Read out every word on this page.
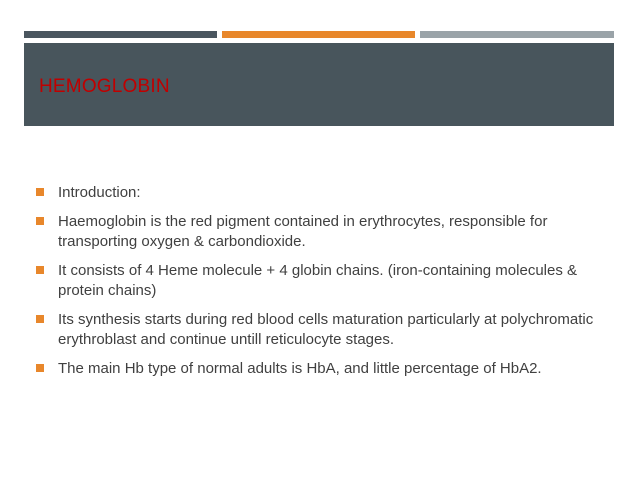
HEMOGLOBIN
Introduction:
Haemoglobin is the red pigment contained in erythrocytes, responsible for transporting oxygen & carbondioxide.
It consists of 4 Heme molecule + 4 globin chains. (iron-containing molecules & protein chains)
Its synthesis starts during red blood cells maturation particularly at polychromatic erythroblast and continue untill reticulocyte stages.
The main Hb type of normal adults is HbA, and little percentage of HbA2.
